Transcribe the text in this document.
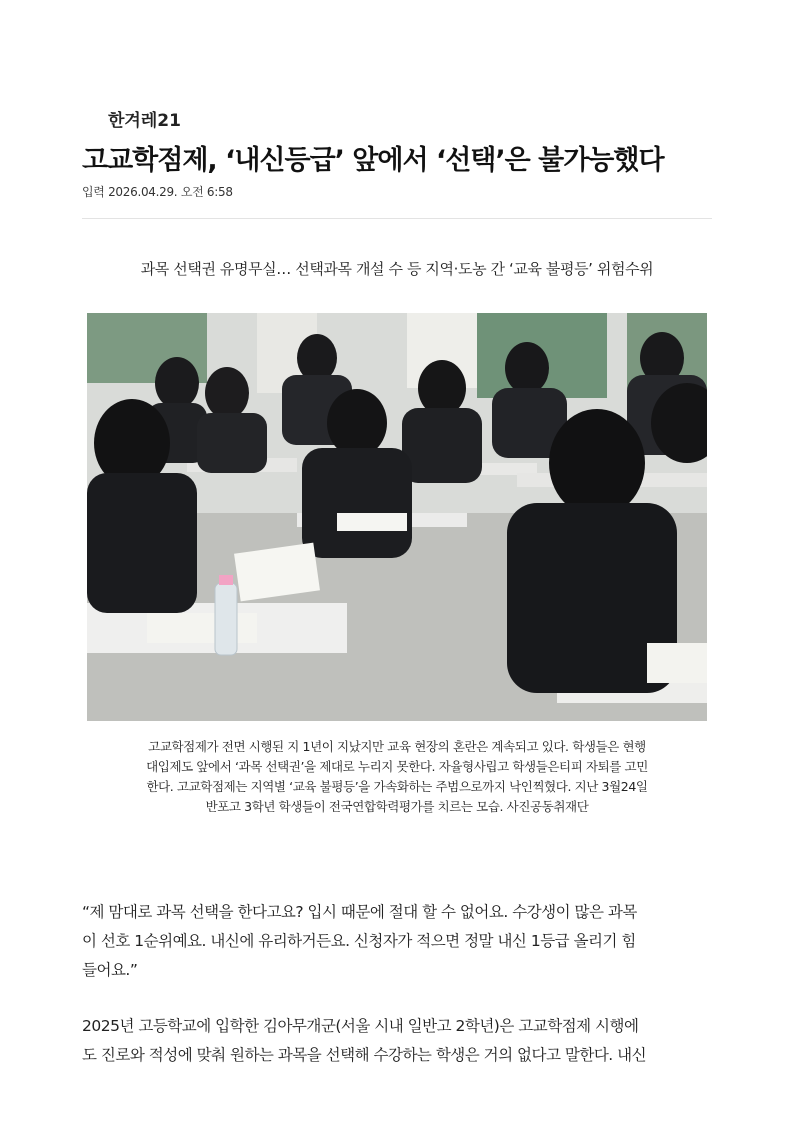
한겨레21
고교학점제, ‘내신등급’ 앞에서 ‘선택’은 불가능했다
입력 2026.04.29. 오전 6:58
과목 선택권 유명무실… 선택과목 개설 수 등 지역·도농 간 ‘교육 불평등’ 위험수위
고교학점제가 전면 시행된 지 1년이 지났지만 교육 현장의 혼란은 계속되고 있다. 학생들은 현행
대입제도 앞에서 ‘과목 선택권’을 제대로 누리지 못한다. 자율형사립고 학생들은티피 자퇴를 고민
한다. 고교학점제는 지역별 ‘교육 불평등’을 가속화하는 주범으로까지 낙인찍혔다. 지난 3월24일
반포고 3학년 학생들이 전국연합학력평가를 치르는 모습. 사진공동취재단
“제 맘대로 과목 선택을 한다고요? 입시 때문에 절대 할 수 없어요. 수강생이 많은 과목
이 선호 1순위예요. 내신에 유리하거든요. 신청자가 적으면 정말 내신 1등급 올리기 힘
들어요.”
2025년 고등학교에 입학한 김아무개군(서울 시내 일반고 2학년)은 고교학점제 시행에
도 진로와 적성에 맞춰 원하는 과목을 선택해 수강하는 학생은 거의 없다고 말한다. 내신
